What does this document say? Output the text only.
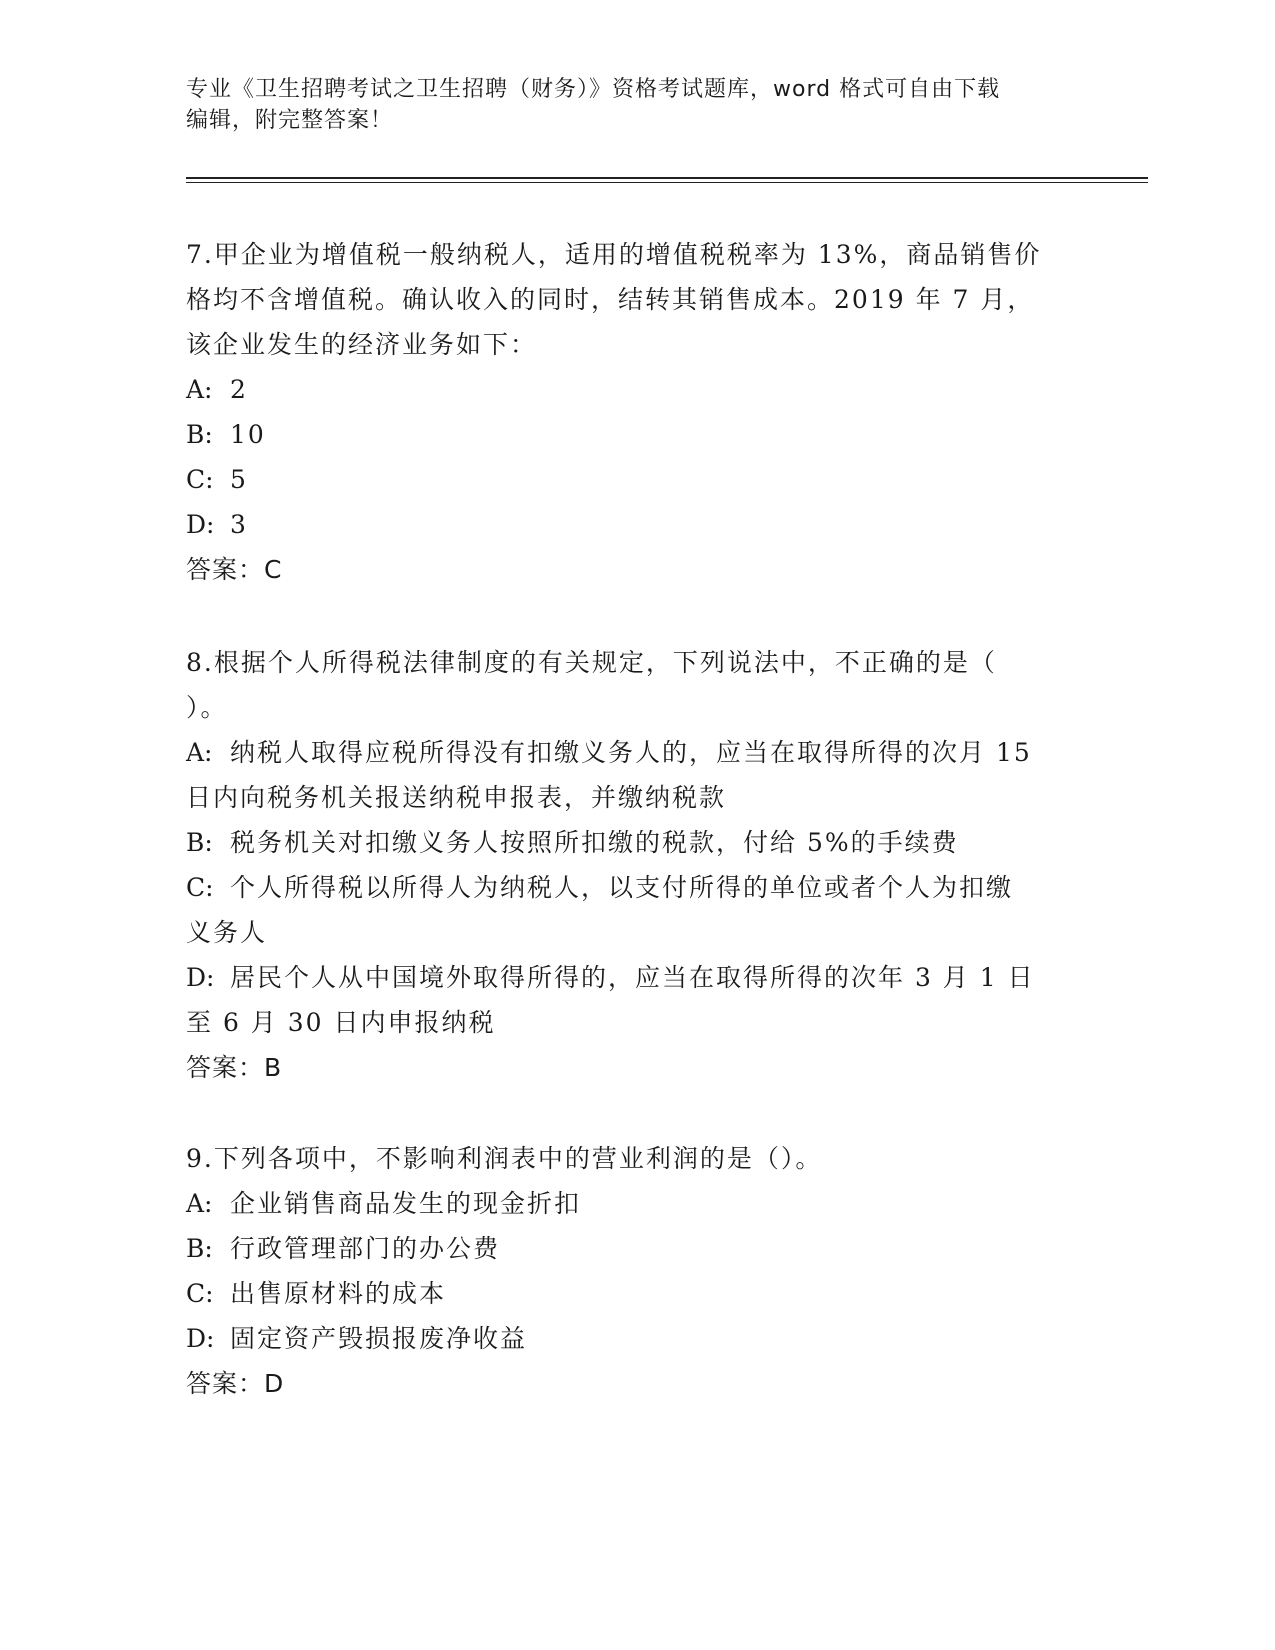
专业《卫生招聘考试之卫生招聘（财务）》资格考试题库，word 格式可自由下载
编辑，附完整答案！

7.甲企业为增值税一般纳税人，适用的增值税税率为 13%，商品销售价

格均不含增值税。确认收入的同时，结转其销售成本。2019 年 7 月，

该企业发生的经济业务如下：

A: 2

B: 10

C: 5

D: 3

答案：C

8.根据个人所得税法律制度的有关规定，下列说法中，不正确的是（

）。

A: 纳税人取得应税所得没有扣缴义务人的，应当在取得所得的次月 15

日内向税务机关报送纳税申报表，并缴纳税款

B: 税务机关对扣缴义务人按照所扣缴的税款，付给 5%的手续费

C: 个人所得税以所得人为纳税人，以支付所得的单位或者个人为扣缴

义务人

D: 居民个人从中国境外取得所得的，应当在取得所得的次年 3 月 1 日

至 6 月 30 日内申报纳税

答案：B

9.下列各项中，不影响利润表中的营业利润的是（）。

A: 企业销售商品发生的现金折扣

B: 行政管理部门的办公费

C: 出售原材料的成本

D: 固定资产毁损报废净收益

答案：D
